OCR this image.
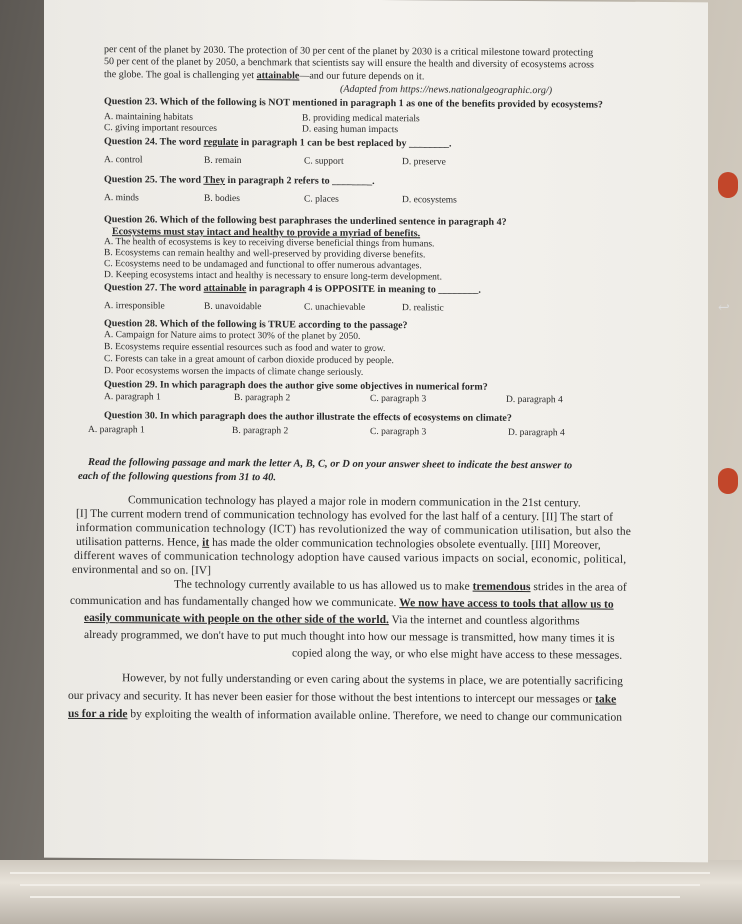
per cent of the planet by 2030. The protection of 30 per cent of the planet by 2030 is a critical milestone toward protecting
50 per cent of the planet by 2050, a benchmark that scientists say will ensure the health and diversity of ecosystems across
the globe. The goal is challenging yet attainable—and our future depends on it.
(Adapted from https://news.nationalgeographic.org/)
Question 23. Which of the following is NOT mentioned in paragraph 1 as one of the benefits provided by ecosystems?
A. maintaining habitats	B. providing medical materials
C. giving important resources	D. easing human impacts
Question 24. The word regulate in paragraph 1 can be best replaced by ________.
A. control	B. remain	C. support	D. preserve
Question 25. The word They in paragraph 2 refers to ________.
A. minds	B. bodies	C. places	D. ecosystems
Question 26. Which of the following best paraphrases the underlined sentence in paragraph 4?
Ecosystems must stay intact and healthy to provide a myriad of benefits.
A. The health of ecosystems is key to receiving diverse beneficial things from humans.
B. Ecosystems can remain healthy and well-preserved by providing diverse benefits.
C. Ecosystems need to be undamaged and functional to offer numerous advantages.
D. Keeping ecosystems intact and healthy is necessary to ensure long-term development.
Question 27. The word attainable in paragraph 4 is OPPOSITE in meaning to ________.
A. irresponsible	B. unavoidable	C. unachievable	D. realistic
Question 28. Which of the following is TRUE according to the passage?
A. Campaign for Nature aims to protect 30% of the planet by 2050.
B. Ecosystems require essential resources such as food and water to grow.
C. Forests can take in a great amount of carbon dioxide produced by people.
D. Poor ecosystems worsen the impacts of climate change seriously.
Question 29. In which paragraph does the author give some objectives in numerical form?
A. paragraph 1	B. paragraph 2	C. paragraph 3	D. paragraph 4
Question 30. In which paragraph does the author illustrate the effects of ecosystems on climate?
A. paragraph 1	B. paragraph 2	C. paragraph 3	D. paragraph 4
Read the following passage and mark the letter A, B, C, or D on your answer sheet to indicate the best answer to
each of the following questions from 31 to 40.
Communication technology has played a major role in modern communication in the 21st century.
[I] The current modern trend of communication technology has evolved for the last half of a century. [II] The start of
information communication technology (ICT) has revolutionized the way of communication utilisation, but also the
utilisation patterns. Hence, it has made the older communication technologies obsolete eventually. [III] Moreover,
different waves of communication technology adoption have caused various impacts on social, economic, political,
environmental and so on. [IV]
The technology currently available to us has allowed us to make tremendous strides in the area of
communication and has fundamentally changed how we communicate. We now have access to tools that allow us to
easily communicate with people on the other side of the world. Via the internet and countless algorithms
already programmed, we don't have to put much thought into how our message is transmitted, how many times it is
copied along the way, or who else might have access to these messages.
However, by not fully understanding or even caring about the systems in place, we are potentially sacrificing
our privacy and security. It has never been easier for those without the best intentions to intercept our messages or take
us for a ride by exploiting the wealth of information available online. Therefore, we need to change our communication
↩
